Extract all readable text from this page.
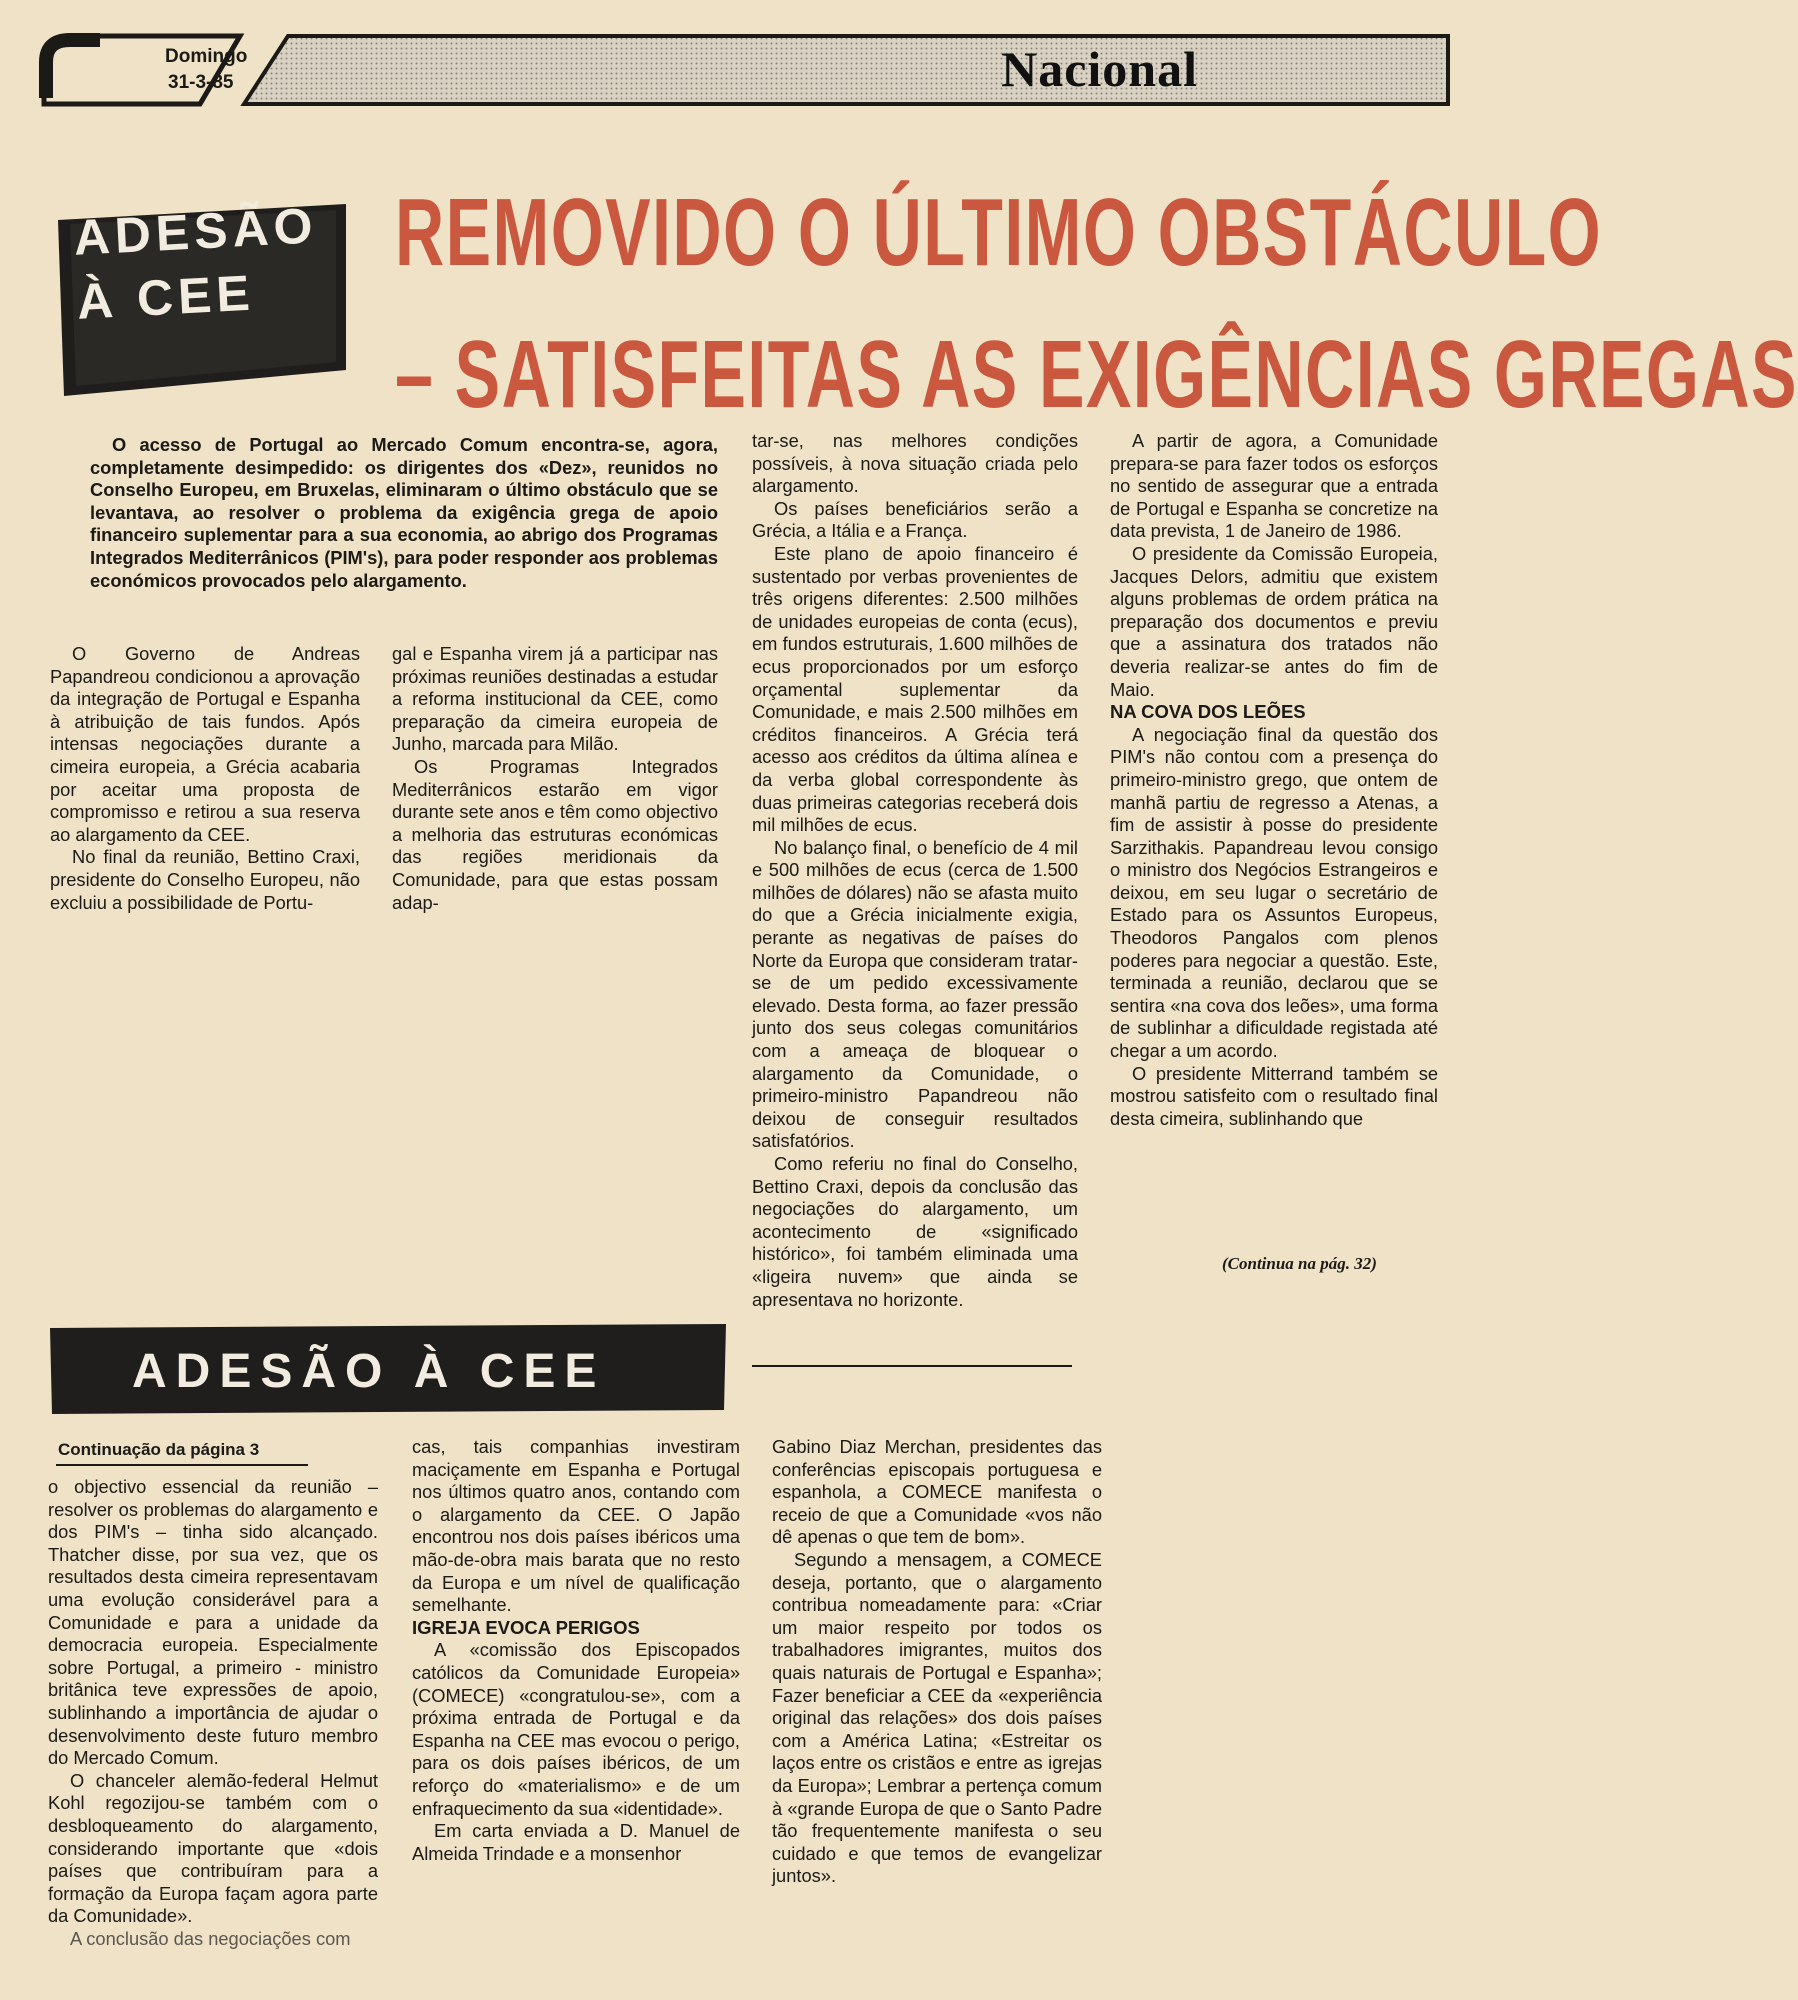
Domingo
31-3-85	Nacional
ADESÃO
À CEE
REMOVIDO O ÚLTIMO OBSTÁCULO
– SATISFEITAS AS EXIGÊNCIAS GREGAS

O acesso de Portugal ao Mercado Comum encontra-se, agora, completamente desimpedido: os dirigentes dos «Dez», reunidos no Conselho Europeu, em Bruxelas, eliminaram o último obstáculo que se levantava, ao resolver o problema da exigência grega de apoio financeiro suplementar para a sua economia, ao abrigo dos Programas Integrados Mediterrânicos (PIM's), para poder responder aos problemas económicos provocados pelo alargamento.

O Governo de Andreas Papandreou condicionou a aprovação da integração de Portugal e Espanha à atribuição de tais fundos. Após intensas negociações durante a cimeira europeia, a Grécia acabaria por aceitar uma proposta de compromisso e retirou a sua reserva ao alargamento da CEE.

No final da reunião, Bettino Craxi, presidente do Conselho Europeu, não excluiu a possibilidade de Portu-

gal e Espanha virem já a participar nas próximas reuniões destinadas a estudar a reforma institucional da CEE, como preparação da cimeira europeia de Junho, marcada para Milão.

Os Programas Integrados Mediterrânicos estarão em vigor durante sete anos e têm como objectivo a melhoria das estruturas económicas das regiões meridionais da Comunidade, para que estas possam adap-

tar-se, nas melhores condições possíveis, à nova situação criada pelo alargamento.

Os países beneficiários serão a Grécia, a Itália e a França.

Este plano de apoio financeiro é sustentado por verbas provenientes de três origens diferentes: 2.500 milhões de unidades europeias de conta (ecus), em fundos estruturais, 1.600 milhões de ecus proporcionados por um esforço orçamental suplementar da Comunidade, e mais 2.500 milhões em créditos financeiros. A Grécia terá acesso aos créditos da última alínea e da verba global correspondente às duas primeiras categorias receberá dois mil milhões de ecus.

No balanço final, o benefício de 4 mil e 500 milhões de ecus (cerca de 1.500 milhões de dólares) não se afasta muito do que a Grécia inicialmente exigia, perante as negativas de países do Norte da Europa que consideram tratar-se de um pedido excessivamente elevado. Desta forma, ao fazer pressão junto dos seus colegas comunitários com a ameaça de bloquear o alargamento da Comunidade, o primeiro-ministro Papandreou não deixou de conseguir resultados satisfatórios.

Como referiu no final do Conselho, Bettino Craxi, depois da conclusão das negociações do alargamento, um acontecimento de «significado histórico», foi também eliminada uma «ligeira nuvem» que ainda se apresentava no horizonte.

A partir de agora, a Comunidade prepara-se para fazer todos os esforços no sentido de assegurar que a entrada de Portugal e Espanha se concretize na data prevista, 1 de Janeiro de 1986.

O presidente da Comissão Europeia, Jacques Delors, admitiu que existem alguns problemas de ordem prática na preparação dos documentos e previu que a assinatura dos tratados não deveria realizar-se antes do fim de Maio.

NA COVA DOS LEÕES

A negociação final da questão dos PIM's não contou com a presença do primeiro-ministro grego, que ontem de manhã partiu de regresso a Atenas, a fim de assistir à posse do presidente Sarzithakis. Papandreau levou consigo o ministro dos Negócios Estrangeiros e deixou, em seu lugar o secretário de Estado para os Assuntos Europeus, Theodoros Pangalos com plenos poderes para negociar a questão. Este, terminada a reunião, declarou que se sentira «na cova dos leões», uma forma de sublinhar a dificuldade registada até chegar a um acordo.

O presidente Mitterrand também se mostrou satisfeito com o resultado final desta cimeira, sublinhando que

(Continua na pág. 32)
ADESÃO À CEE
Continuação da página 3

o objectivo essencial da reunião – resolver os problemas do alargamento e dos PIM's – tinha sido alcançado. Thatcher disse, por sua vez, que os resultados desta cimeira representavam uma evolução considerável para a Comunidade e para a unidade da democracia europeia. Especialmente sobre Portugal, a primeiro - ministro britânica teve expressões de apoio, sublinhando a importância de ajudar o desenvolvimento deste futuro membro do Mercado Comum.

O chanceler alemão-federal Helmut Kohl regozijou-se também com o desbloqueamento do alargamento, considerando importante que «dois países que contribuíram para a formação da Europa façam agora parte da Comunidade».

A conclusão das negociações com

cas, tais companhias investiram maciçamente em Espanha e Portugal nos últimos quatro anos, contando com o alargamento da CEE. O Japão encontrou nos dois países ibéricos uma mão-de-obra mais barata que no resto da Europa e um nível de qualificação semelhante.

IGREJA EVOCA PERIGOS

A «comissão dos Episcopados católicos da Comunidade Europeia» (COMECE) «congratulou-se», com a próxima entrada de Portugal e da Espanha na CEE mas evocou o perigo, para os dois países ibéricos, de um reforço do «materialismo» e de um enfraquecimento da sua «identidade».

Em carta enviada a D. Manuel de Almeida Trindade e a monsenhor

Gabino Diaz Merchan, presidentes das conferências episcopais portuguesa e espanhola, a COMECE manifesta o receio de que a Comunidade «vos não dê apenas o que tem de bom».

Segundo a mensagem, a COMECE deseja, portanto, que o alargamento contribua nomeadamente para: «Criar um maior respeito por todos os trabalhadores imigrantes, muitos dos quais naturais de Portugal e Espanha»; Fazer beneficiar a CEE da «experiência original das relações» dos dois países com a América Latina; «Estreitar os laços entre os cristãos e entre as igrejas da Europa»; Lembrar a pertença comum à «grande Europa de que o Santo Padre tão frequentemente manifesta o seu cuidado e que temos de evangelizar juntos».
